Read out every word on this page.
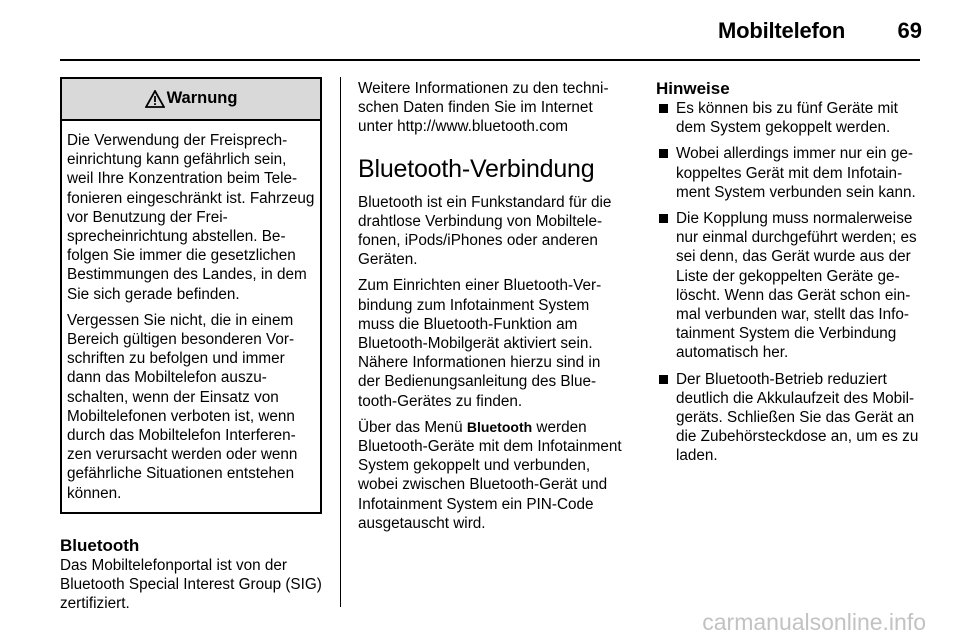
Mobiltelefon 69
Warnung

Die Verwendung der Freisprecheinrichtung kann gefährlich sein, weil Ihre Konzentration beim Telefonieren eingeschränkt ist. Fahrzeug vor Benutzung der Freisprecheinrichtung abstellen. Befolgen Sie immer die gesetzlichen Bestimmungen des Landes, in dem Sie sich gerade befinden.

Vergessen Sie nicht, die in einem Bereich gültigen besonderen Vorschriften zu befolgen und immer dann das Mobiltelefon auszuschalten, wenn der Einsatz von Mobiltelefonen verboten ist, wenn durch das Mobiltelefon Interferenzen verursacht werden oder wenn gefährliche Situationen entstehen können.

Bluetooth

Das Mobiltelefonportal ist von der Bluetooth Special Interest Group (SIG) zertifiziert.

Weitere Informationen zu den technischen Daten finden Sie im Internet unter http://www.bluetooth.com

Bluetooth-Verbindung

Bluetooth ist ein Funkstandard für die drahtlose Verbindung von Mobiltelefonen, iPods/iPhones oder anderen Geräten.

Zum Einrichten einer Bluetooth-Verbindung zum Infotainment System muss die Bluetooth-Funktion am Bluetooth-Mobilgerät aktiviert sein. Nähere Informationen hierzu sind in der Bedienungsanleitung des Bluetooth-Gerätes zu finden.

Über das Menü Bluetooth werden Bluetooth-Geräte mit dem Infotainment System gekoppelt und verbunden, wobei zwischen Bluetooth-Gerät und Infotainment System ein PIN-Code ausgetauscht wird.

Hinweise
Es können bis zu fünf Geräte mit dem System gekoppelt werden.
Wobei allerdings immer nur ein gekoppeltes Gerät mit dem Infotainment System verbunden sein kann.
Die Kopplung muss normalerweise nur einmal durchgeführt werden; es sei denn, das Gerät wurde aus der Liste der gekoppelten Geräte gelöscht. Wenn das Gerät schon einmal verbunden war, stellt das Infotainment System die Verbindung automatisch her.
Der Bluetooth-Betrieb reduziert deutlich die Akkulaufzeit des Mobilgeräts. Schließen Sie das Gerät an die Zubehörsteckdose an, um es zu laden.
carmanualsonline.info
